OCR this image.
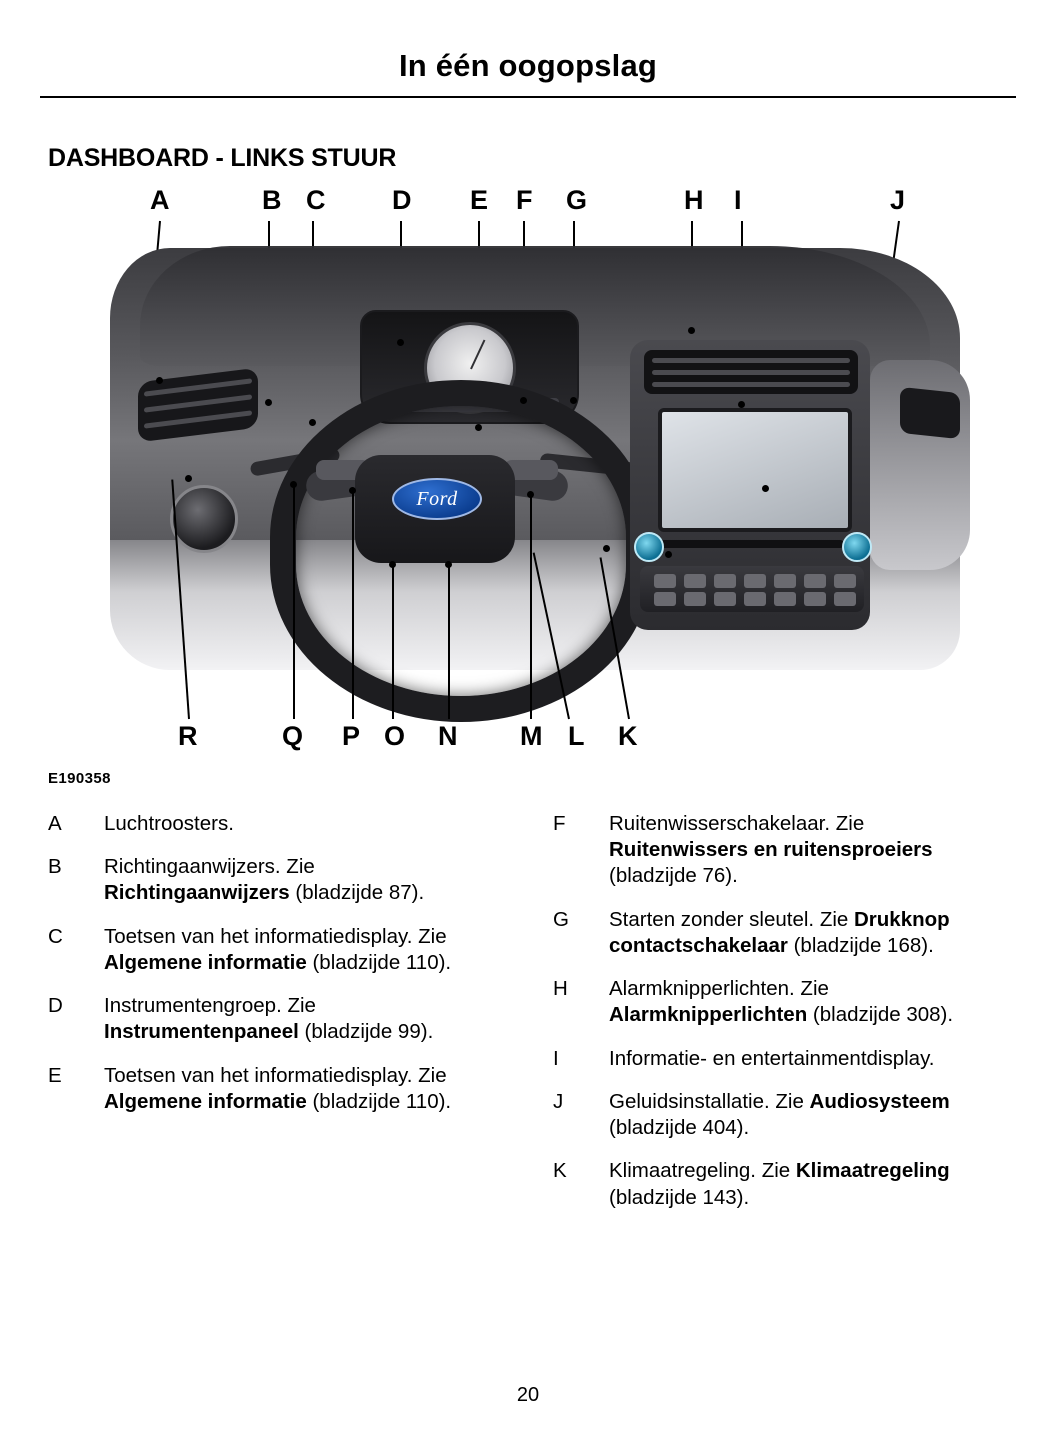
In één oogopslag
DASHBOARD - LINKS STUUR
A	B C D E F G	H I	J
Ford
R	Q P O N M L K
E190358
A	Luchtroosters.
B	Richtingaanwijzers. Zie Richtingaanwijzers (bladzijde 87).
C	Toetsen van het informatiedisplay. Zie Algemene informatie (bladzijde 110).
D	Instrumentengroep. Zie Instrumentenpaneel (bladzijde 99).
E	Toetsen van het informatiedisplay. Zie Algemene informatie (bladzijde 110).
F	Ruitenwisserschakelaar. Zie Ruitenwissers en ruitensproeiers (bladzijde 76).
G	Starten zonder sleutel. Zie Drukknop contactschakelaar (bladzijde 168).
H	Alarmknipperlichten. Zie Alarmknipperlichten (bladzijde 308).
I	Informatie- en entertainmentdisplay.
J	Geluidsinstallatie. Zie Audiosysteem (bladzijde 404).
K	Klimaatregeling. Zie Klimaatregeling (bladzijde 143).
20
